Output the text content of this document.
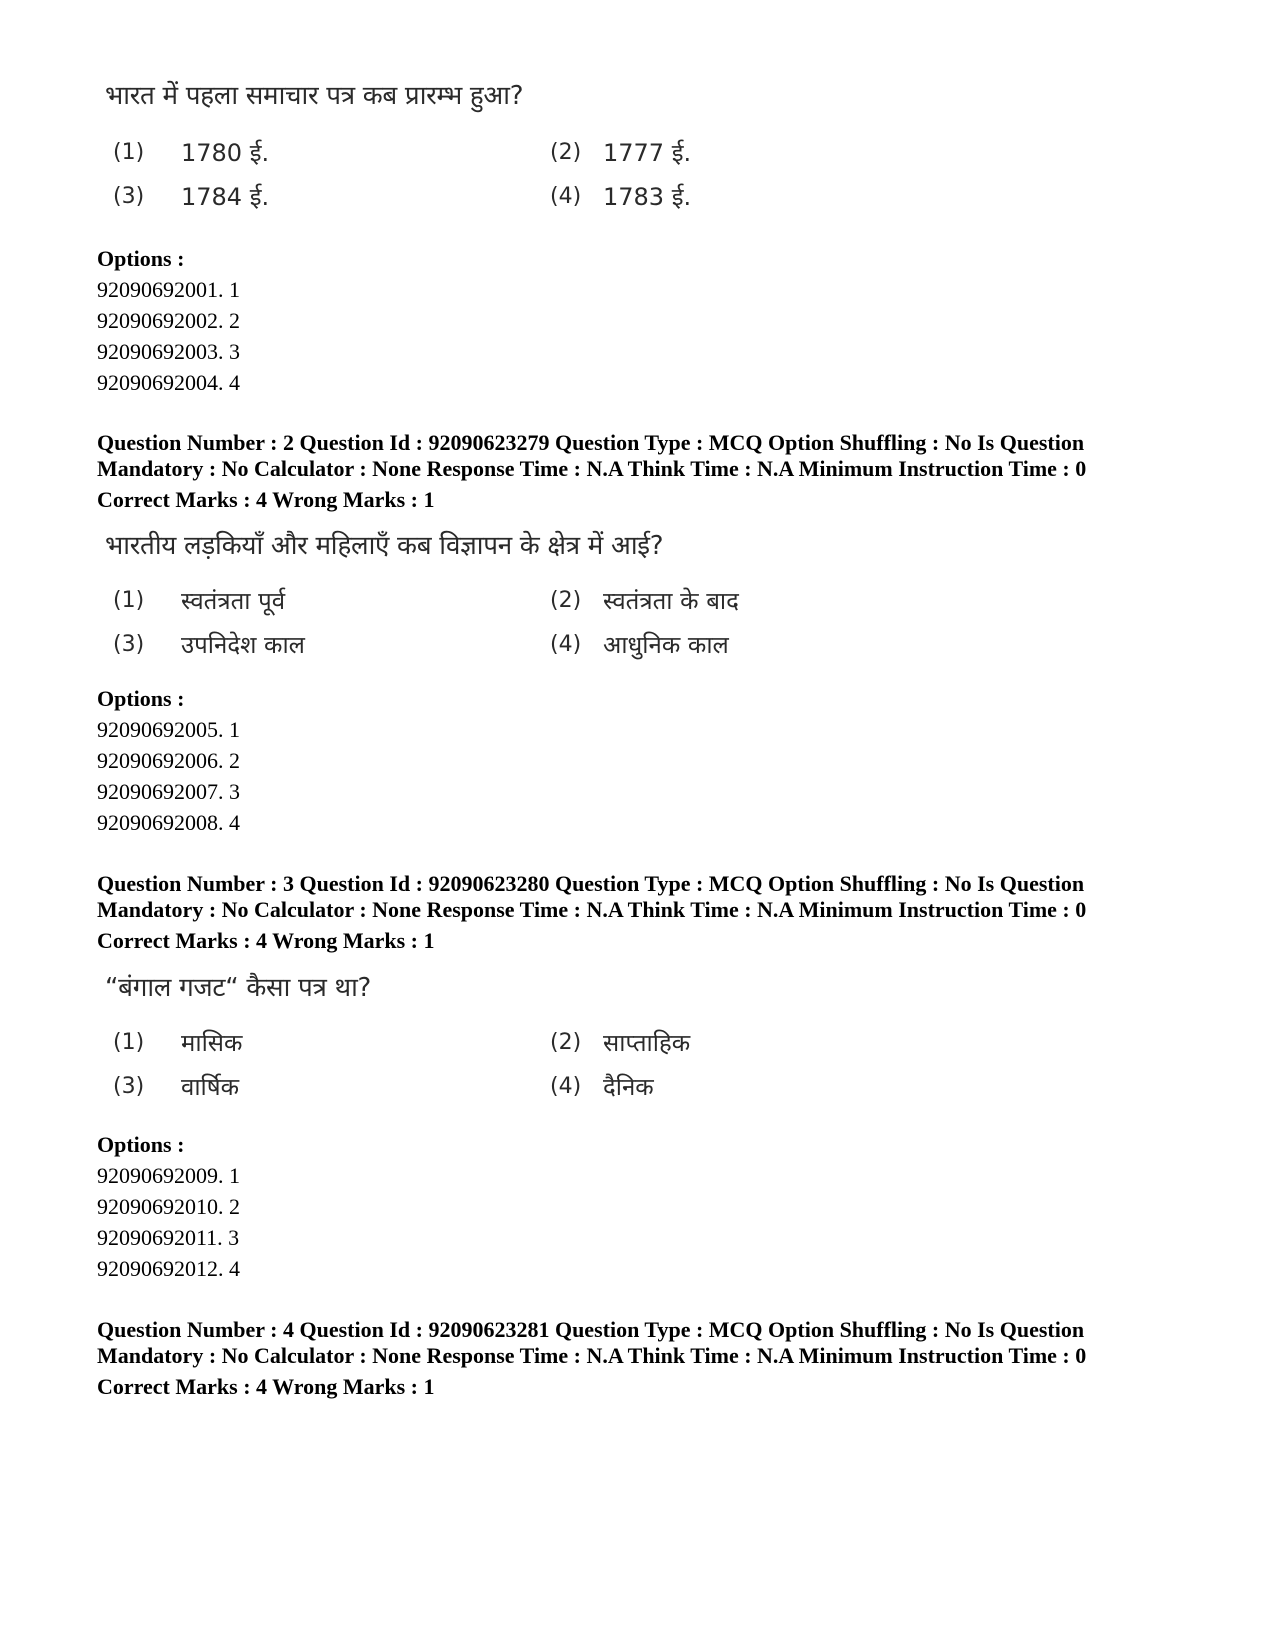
भारत में पहला समाचार पत्र कब प्रारम्भ हुआ?
(1) 1780 ई.	(2) 1777 ई.
(3) 1784 ई.	(4) 1783 ई.
Options :
92090692001. 1
92090692002. 2
92090692003. 3
92090692004. 4
Question Number : 2 Question Id : 92090623279 Question Type : MCQ Option Shuffling : No Is Question
Mandatory : No Calculator : None Response Time : N.A Think Time : N.A Minimum Instruction Time : 0
Correct Marks : 4 Wrong Marks : 1
भारतीय लड़कियाँ और महिलाएँ कब विज्ञापन के क्षेत्र में आई?
(1) स्वतंत्रता पूर्व	(2) स्वतंत्रता के बाद
(3) उपनिदेश काल	(4) आधुनिक काल
Options :
92090692005. 1
92090692006. 2
92090692007. 3
92090692008. 4
Question Number : 3 Question Id : 92090623280 Question Type : MCQ Option Shuffling : No Is Question
Mandatory : No Calculator : None Response Time : N.A Think Time : N.A Minimum Instruction Time : 0
Correct Marks : 4 Wrong Marks : 1
“बंगाल गजट“ कैसा पत्र था?
(1) मासिक	(2) साप्ताहिक
(3) वार्षिक	(4) दैनिक
Options :
92090692009. 1
92090692010. 2
92090692011. 3
92090692012. 4
Question Number : 4 Question Id : 92090623281 Question Type : MCQ Option Shuffling : No Is Question
Mandatory : No Calculator : None Response Time : N.A Think Time : N.A Minimum Instruction Time : 0
Correct Marks : 4 Wrong Marks : 1
